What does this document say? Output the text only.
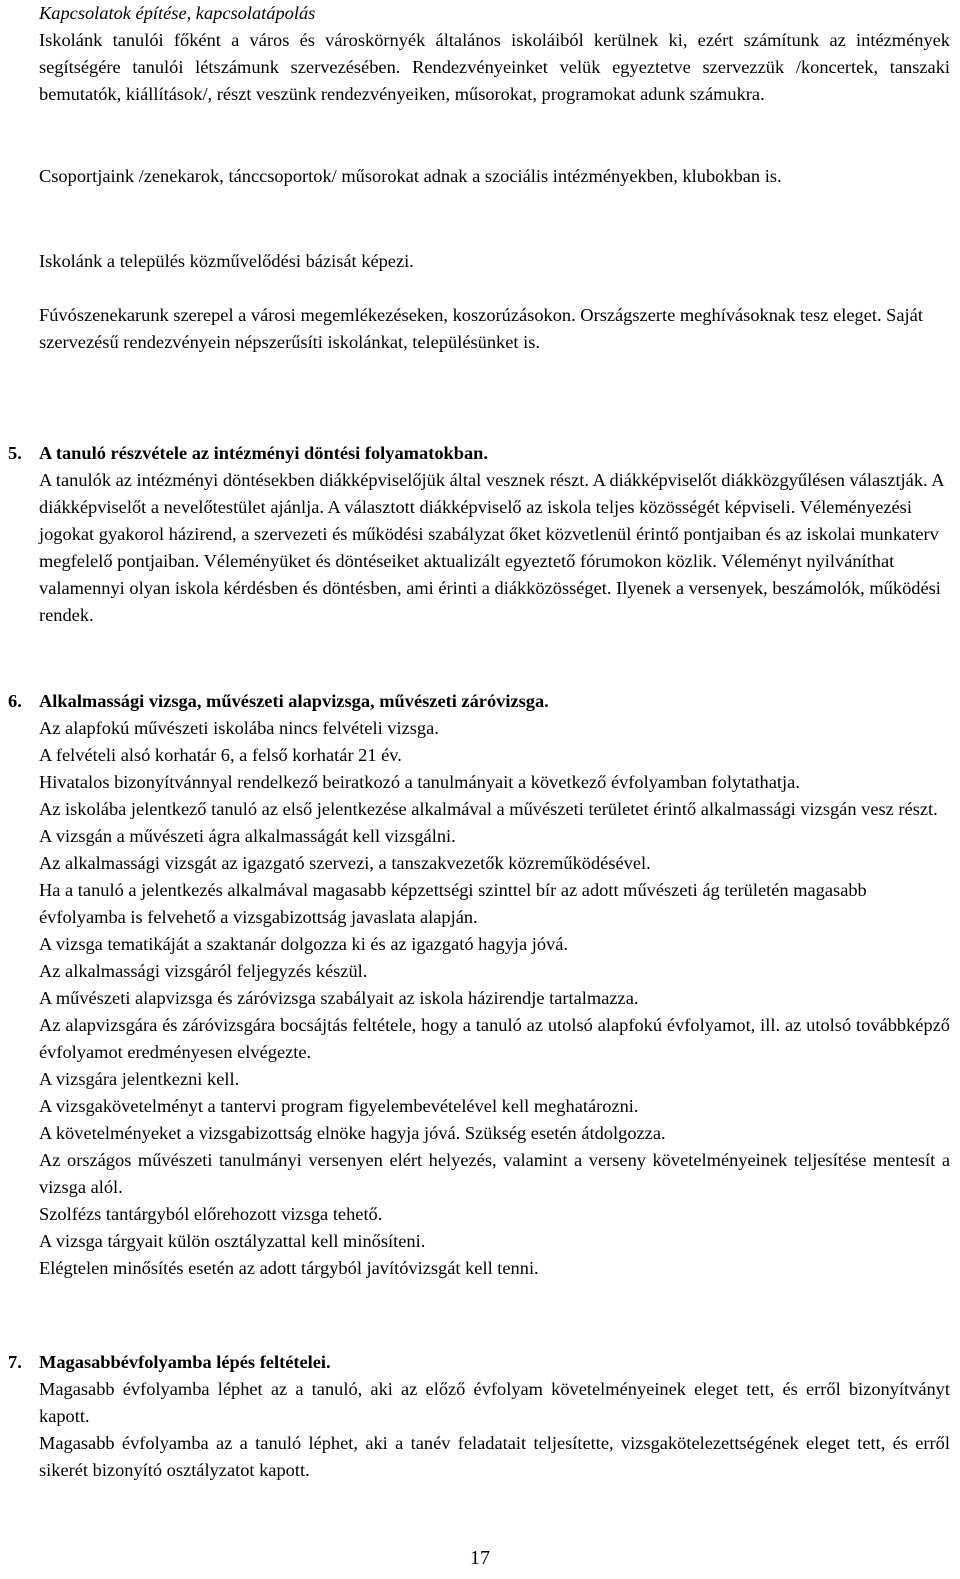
Kapcsolatok építése, kapcsolatápolás

Iskolánk tanulói főként a város és városkörnyék általános iskoláiból kerülnek ki, ezért számítunk az intézmények segítségére tanulói létszámunk szervezésében. Rendezvényeinket velük egyeztetve szervezzük /koncertek, tanszaki bemutatók, kiállítások/, részt veszünk rendezvényeiken, műsorokat, programokat adunk számukra.

Csoportjaink /zenekarok, tánccsoportok/ műsorokat adnak a szociális intézményekben, klubokban is.

Iskolánk a település közművelődési bázisát képezi.

Fúvószenekarunk szerepel a városi megemlékezéseken, koszorúzásokon. Országszerte meghívásoknak tesz eleget. Saját szervezésű rendezvényein népszerűsíti iskolánkat, településünket is.

5. A tanuló részvétele az intézményi döntési folyamatokban.

A tanulók az intézményi döntésekben diákképviselőjük által vesznek részt. A diákképviselőt diákközgyűlésen választják. A diákképviselőt a nevelőtestület ajánlja. A választott diákképviselő az iskola teljes közösségét képviseli. Véleményezési jogokat gyakorol házirend, a szervezeti és működési szabályzat őket közvetlenül érintő pontjaiban és az iskolai munkaterv megfelelő pontjaiban. Véleményüket és döntéseiket aktualizált egyeztető fórumokon közlik. Véleményt nyilváníthat valamennyi olyan iskola kérdésben és döntésben, ami érinti a diákközösséget. Ilyenek a versenyek, beszámolók, működési rendek.

6. Alkalmassági vizsga, művészeti alapvizsga, művészeti záróvizsga.

Az alapfokú művészeti iskolába nincs felvételi vizsga.

A felvételi alsó korhatár 6, a felső korhatár 21 év.

Hivatalos bizonyítvánnyal rendelkező beiratkozó a tanulmányait a következő évfolyamban folytathatja.

Az iskolába jelentkező tanuló az első jelentkezése alkalmával a művészeti területet érintő alkalmassági vizsgán vesz részt. A vizsgán a művészeti ágra alkalmasságát kell vizsgálni.

Az alkalmassági vizsgát az igazgató szervezi, a tanszakvezetők közreműködésével.

Ha a tanuló a jelentkezés alkalmával magasabb képzettségi szinttel bír az adott művészeti ág területén magasabb évfolyamba is felvehető a vizsgabizottság javaslata alapján.

A vizsga tematikáját a szaktanár dolgozza ki és az igazgató hagyja jóvá.

Az alkalmassági vizsgáról feljegyzés készül.

A művészeti alapvizsga és záróvizsga szabályait az iskola házirendje tartalmazza.

Az alapvizsgára és záróvizsgára bocsájtás feltétele, hogy a tanuló az utolsó alapfokú évfolyamot, ill. az utolsó továbbképző évfolyamot eredményesen elvégezte.

A vizsgára jelentkezni kell.

A vizsgakövetelményt a tantervi program figyelembevételével kell meghatározni.

A követelményeket a vizsgabizottság elnöke hagyja jóvá. Szükség esetén átdolgozza.

Az országos művészeti tanulmányi versenyen elért helyezés, valamint a verseny követelményeinek teljesítése mentesít a vizsga alól.

Szolfézs tantárgyból előrehozott vizsga tehető.

A vizsga tárgyait külön osztályzattal kell minősíteni.

Elégtelen minősítés esetén az adott tárgyból javítóvizsgát kell tenni.

7. Magasabbévfolyamba lépés feltételei.

Magasabb évfolyamba léphet az a tanuló, aki az előző évfolyam követelményeinek eleget tett, és erről bizonyítványt kapott.

Magasabb évfolyamba az a tanuló léphet, aki a tanév feladatait teljesítette, vizsgakötelezettségének eleget tett, és erről sikerét bizonyító osztályzatot kapott.

17
